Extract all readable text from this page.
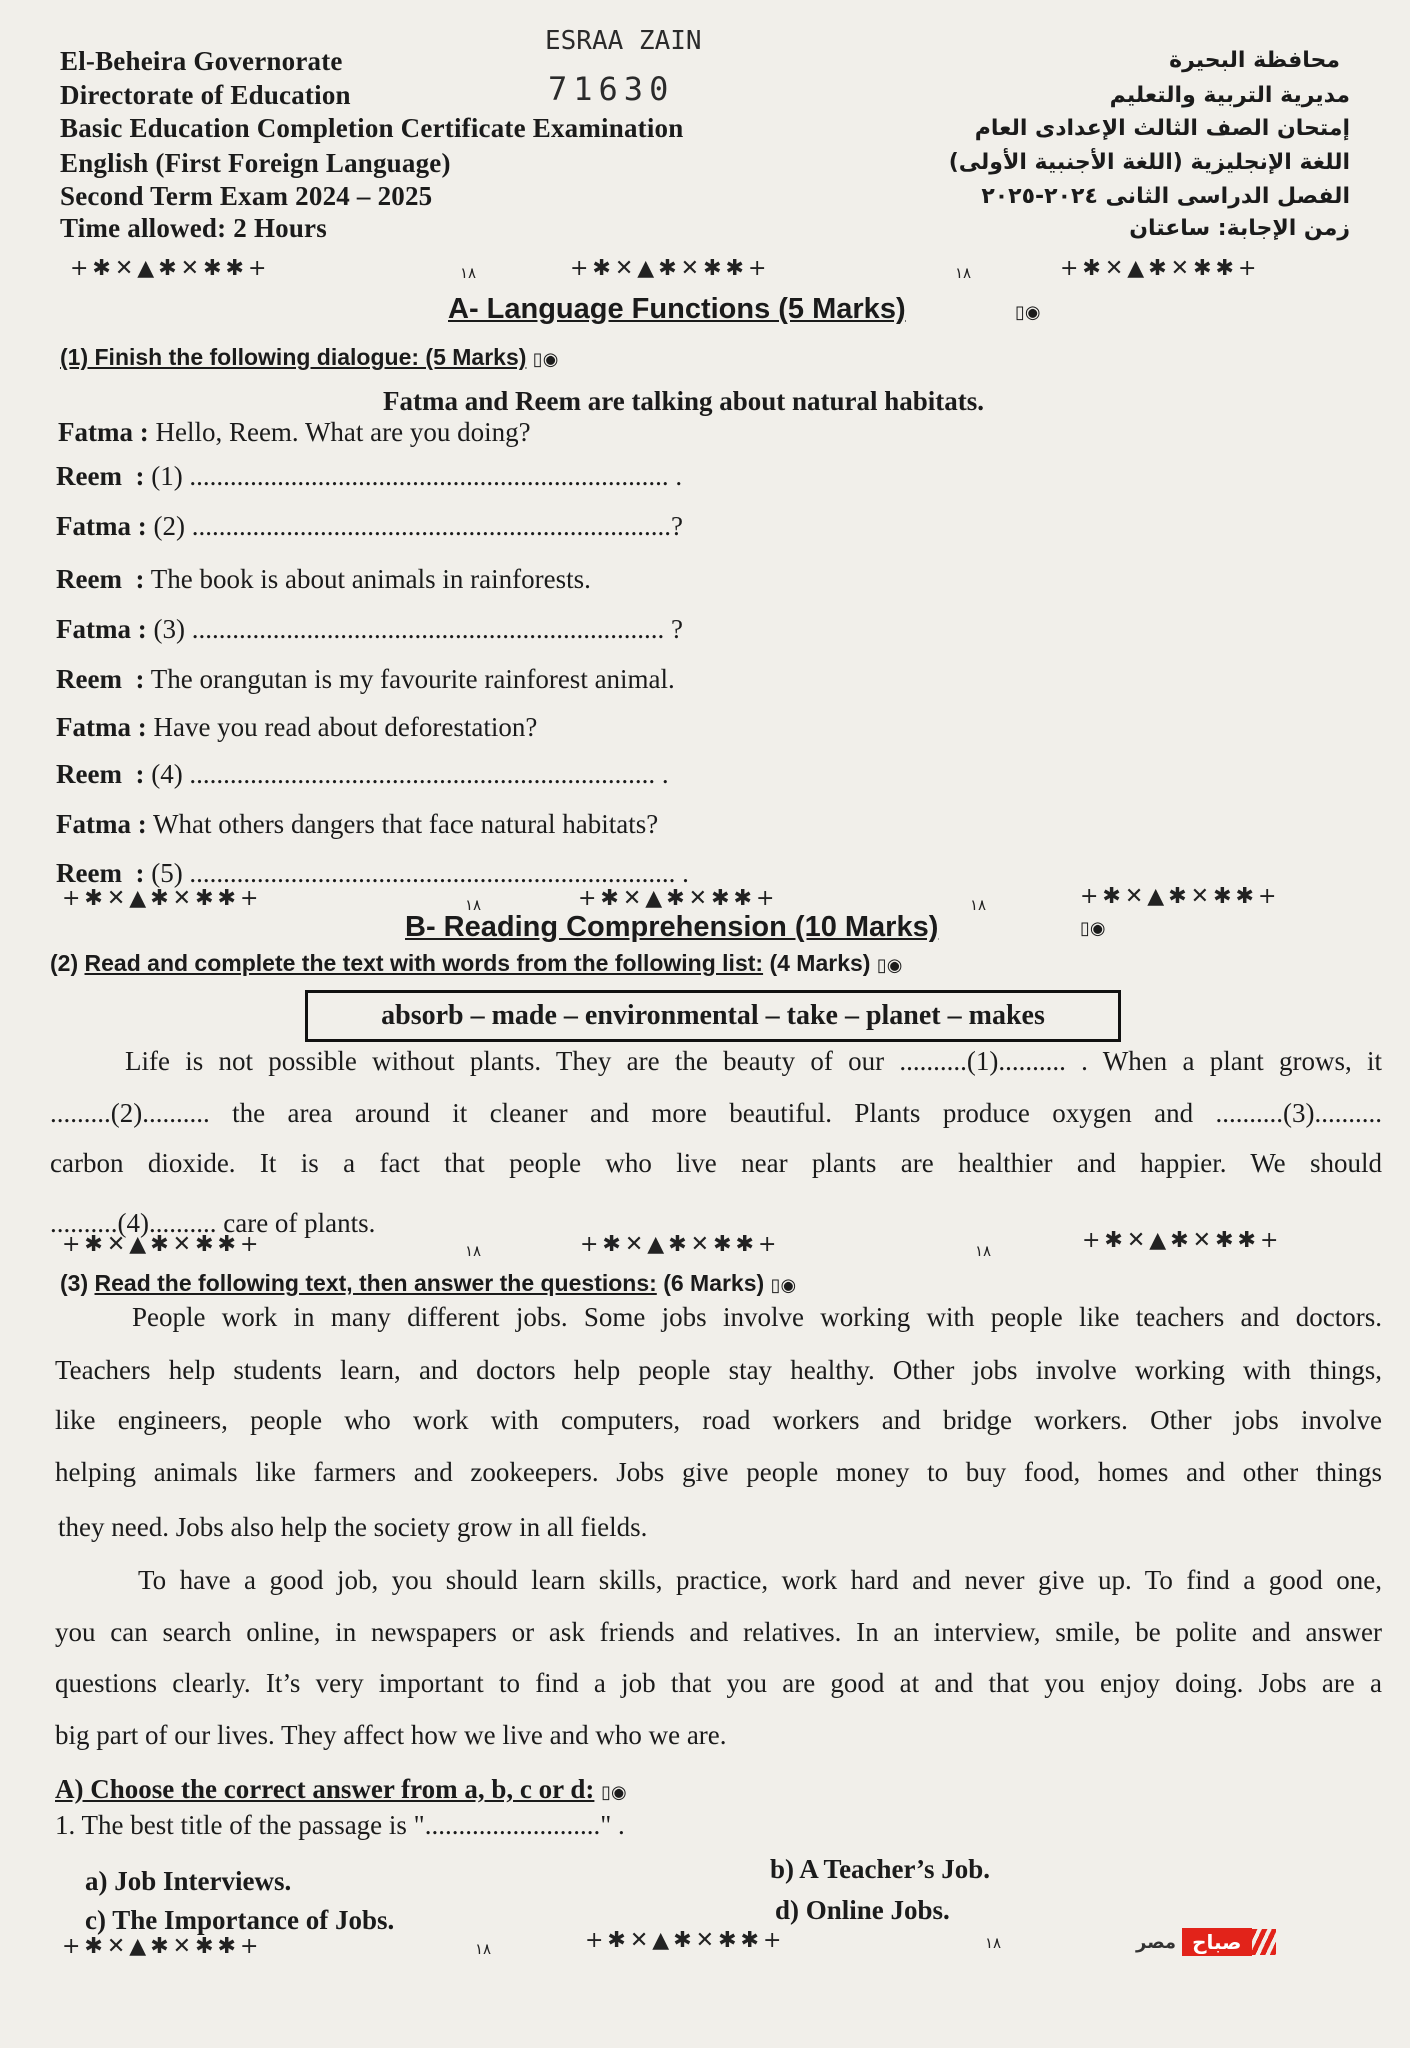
El-Beheira Governorate
Directorate of Education
Basic Education Completion Certificate Examination
English (First Foreign Language)
Second Term Exam 2024 – 2025
Time allowed: 2 Hours
ESRAA ZAIN
71630
محافظة البحيرة
مديرية التربية والتعليم
إمتحان الصف الثالث الإعدادى العام
اللغة الإنجليزية (اللغة الأجنبية الأولى)
الفصل الدراسى الثانى ٢٠٢٤-٢٠٢٥
زمن الإجابة: ساعتان
+✱✕▲✱✕✱✱+	١٨	+✱✕▲✱✕✱✱+	١٨	+✱✕▲✱✕✱✱+
A- Language Functions (5 Marks)	▯◉
(1) Finish the following dialogue: (5 Marks) ▯◉
Fatma and Reem are talking about natural habitats.
Fatma : Hello, Reem. What are you doing?
Reem  : (1) ....................................................................... .
Fatma : (2) .......................................................................?
Reem  : The book is about animals in rainforests.
Fatma : (3) ...................................................................... ?
Reem  : The orangutan is my favourite rainforest animal.
Fatma : Have you read about deforestation?
Reem  : (4) ..................................................................... .
Fatma : What others dangers that face natural habitats?
Reem  : (5) ........................................................................ .
+✱✕▲✱✕✱✱+	١٨	+✱✕▲✱✕✱✱+	١٨	+✱✕▲✱✕✱✱+
B- Reading Comprehension (10 Marks)	▯◉
(2) Read and complete the text with words from the following list: (4 Marks) ▯◉
absorb – made – environmental – take – planet – makes
Life is not possible without plants. They are the beauty of our ..........(1).......... . When a plant grows, it
.........(2).......... the area around it cleaner and more beautiful. Plants produce oxygen and ..........(3)..........
carbon dioxide. It is a fact that people who live near plants are healthier and happier. We should
..........(4).......... care of plants.
+✱✕▲✱✕✱✱+	١٨	+✱✕▲✱✕✱✱+	١٨	+✱✕▲✱✕✱✱+
(3) Read the following text, then answer the questions: (6 Marks) ▯◉
People work in many different jobs. Some jobs involve working with people like teachers and doctors.
Teachers help students learn, and doctors help people stay healthy. Other jobs involve working with things,
like engineers, people who work with computers, road workers and bridge workers. Other jobs involve
helping animals like farmers and zookeepers. Jobs give people money to buy food, homes and other things
they need. Jobs also help the society grow in all fields.
To have a good job, you should learn skills, practice, work hard and never give up. To find a good one,
you can search online, in newspapers or ask friends and relatives. In an interview, smile, be polite and answer
questions clearly. It’s very important to find a job that you are good at and that you enjoy doing. Jobs are a
big part of our lives. They affect how we live and who we are.
A) Choose the correct answer from a, b, c or d: ▯◉
1. The best title of the passage is ".........................." .
a) Job Interviews.	b) A Teacher’s Job.
c) The Importance of Jobs.	d) Online Jobs.
+✱✕▲✱✕✱✱+	١٨	+✱✕▲✱✕✱✱+	١٨	مصر صباح
